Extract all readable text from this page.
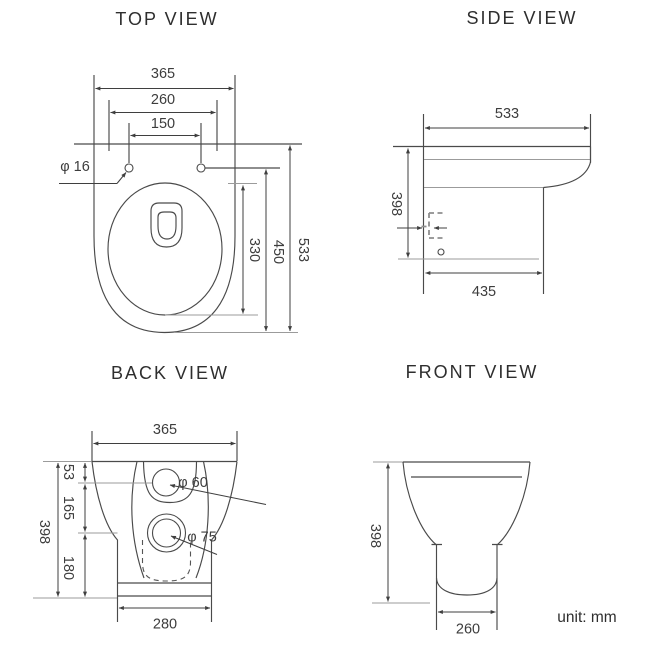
TOP VIEW
365
260
150
φ 16
330 450 533
SIDE VIEW
533
398
435
BACK VIEW
365
φ 60
φ 75
398
53
165
180
280
FRONT VIEW
398
260
unit: mm
